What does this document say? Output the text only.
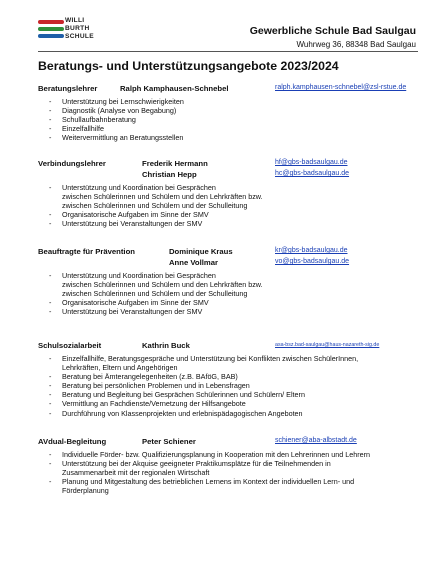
WILLI
BURTH
SCHULE	Gewerbliche Schule Bad Saulgau
Wuhrweg 36, 88348 Bad Saulgau
Beratungs- und Unterstützungsangebote 2023/2024
Beratungslehrer	Ralph Kamphausen-Schnebel	ralph.kamphausen-schnebel@zsl-rstue.de
- Unterstützung bei Lernschwierigkeiten
- Diagnostik (Analyse von Begabung)
- Schullaufbahnberatung
- Einzelfallhilfe
- Weitervermittlung an Beratungsstellen
Verbindungslehrer	Frederik Hermann	hf@gbs-badsaulgau.de
Christian Hepp	hc@gbs-badsaulgau.de
- Unterstützung und Koordination bei Gesprächen
zwischen Schülerinnen und Schülern und den Lehrkräften bzw.
zwischen Schülerinnen und Schülern und der Schulleitung
- Organisatorische Aufgaben im Sinne der SMV
- Unterstützung bei Veranstaltungen der SMV
Beauftragte für Prävention	Dominique Kraus	kr@gbs-badsaulgau.de
Anne Vollmar	vo@gbs-badsaulgau.de
- Unterstützung und Koordination bei Gesprächen
zwischen Schülerinnen und Schülern und den Lehrkräften bzw.
zwischen Schülerinnen und Schülern und der Schulleitung
- Organisatorische Aufgaben im Sinne der SMV
- Unterstützung bei Veranstaltungen der SMV
Schulsozialarbeit	Kathrin Buck	asa-bsz.bad-saulgau@haus-nazareth-sig.de
- Einzelfallhilfe, Beratungsgespräche und Unterstützung bei Konflikten zwischen SchülerInnen,
Lehrkräften, Eltern und Angehörigen
- Beratung bei Ämterangelegenheiten (z.B. BAföG, BAB)
- Beratung bei persönlichen Problemen und in Lebensfragen
- Beratung und Begleitung bei Gesprächen Schülerinnen und Schülern/ Eltern
- Vermittlung an Fachdienste/Vernetzung der Hilfsangebote
- Durchführung von Klassenprojekten und erlebnispädagogischen Angeboten
AVdual-Begleitung	Peter Schiener	schiener@aba-albstadt.de
- Individuelle Förder- bzw. Qualifizierungsplanung in Kooperation mit den Lehrerinnen und Lehrern
- Unterstützung bei der Akquise geeigneter Praktikumsplätze für die Teilnehmenden in
Zusammenarbeit mit der regionalen Wirtschaft
- Planung und Mitgestaltung des betrieblichen Lernens im Kontext der individuellen Lern- und
Förderplanung
